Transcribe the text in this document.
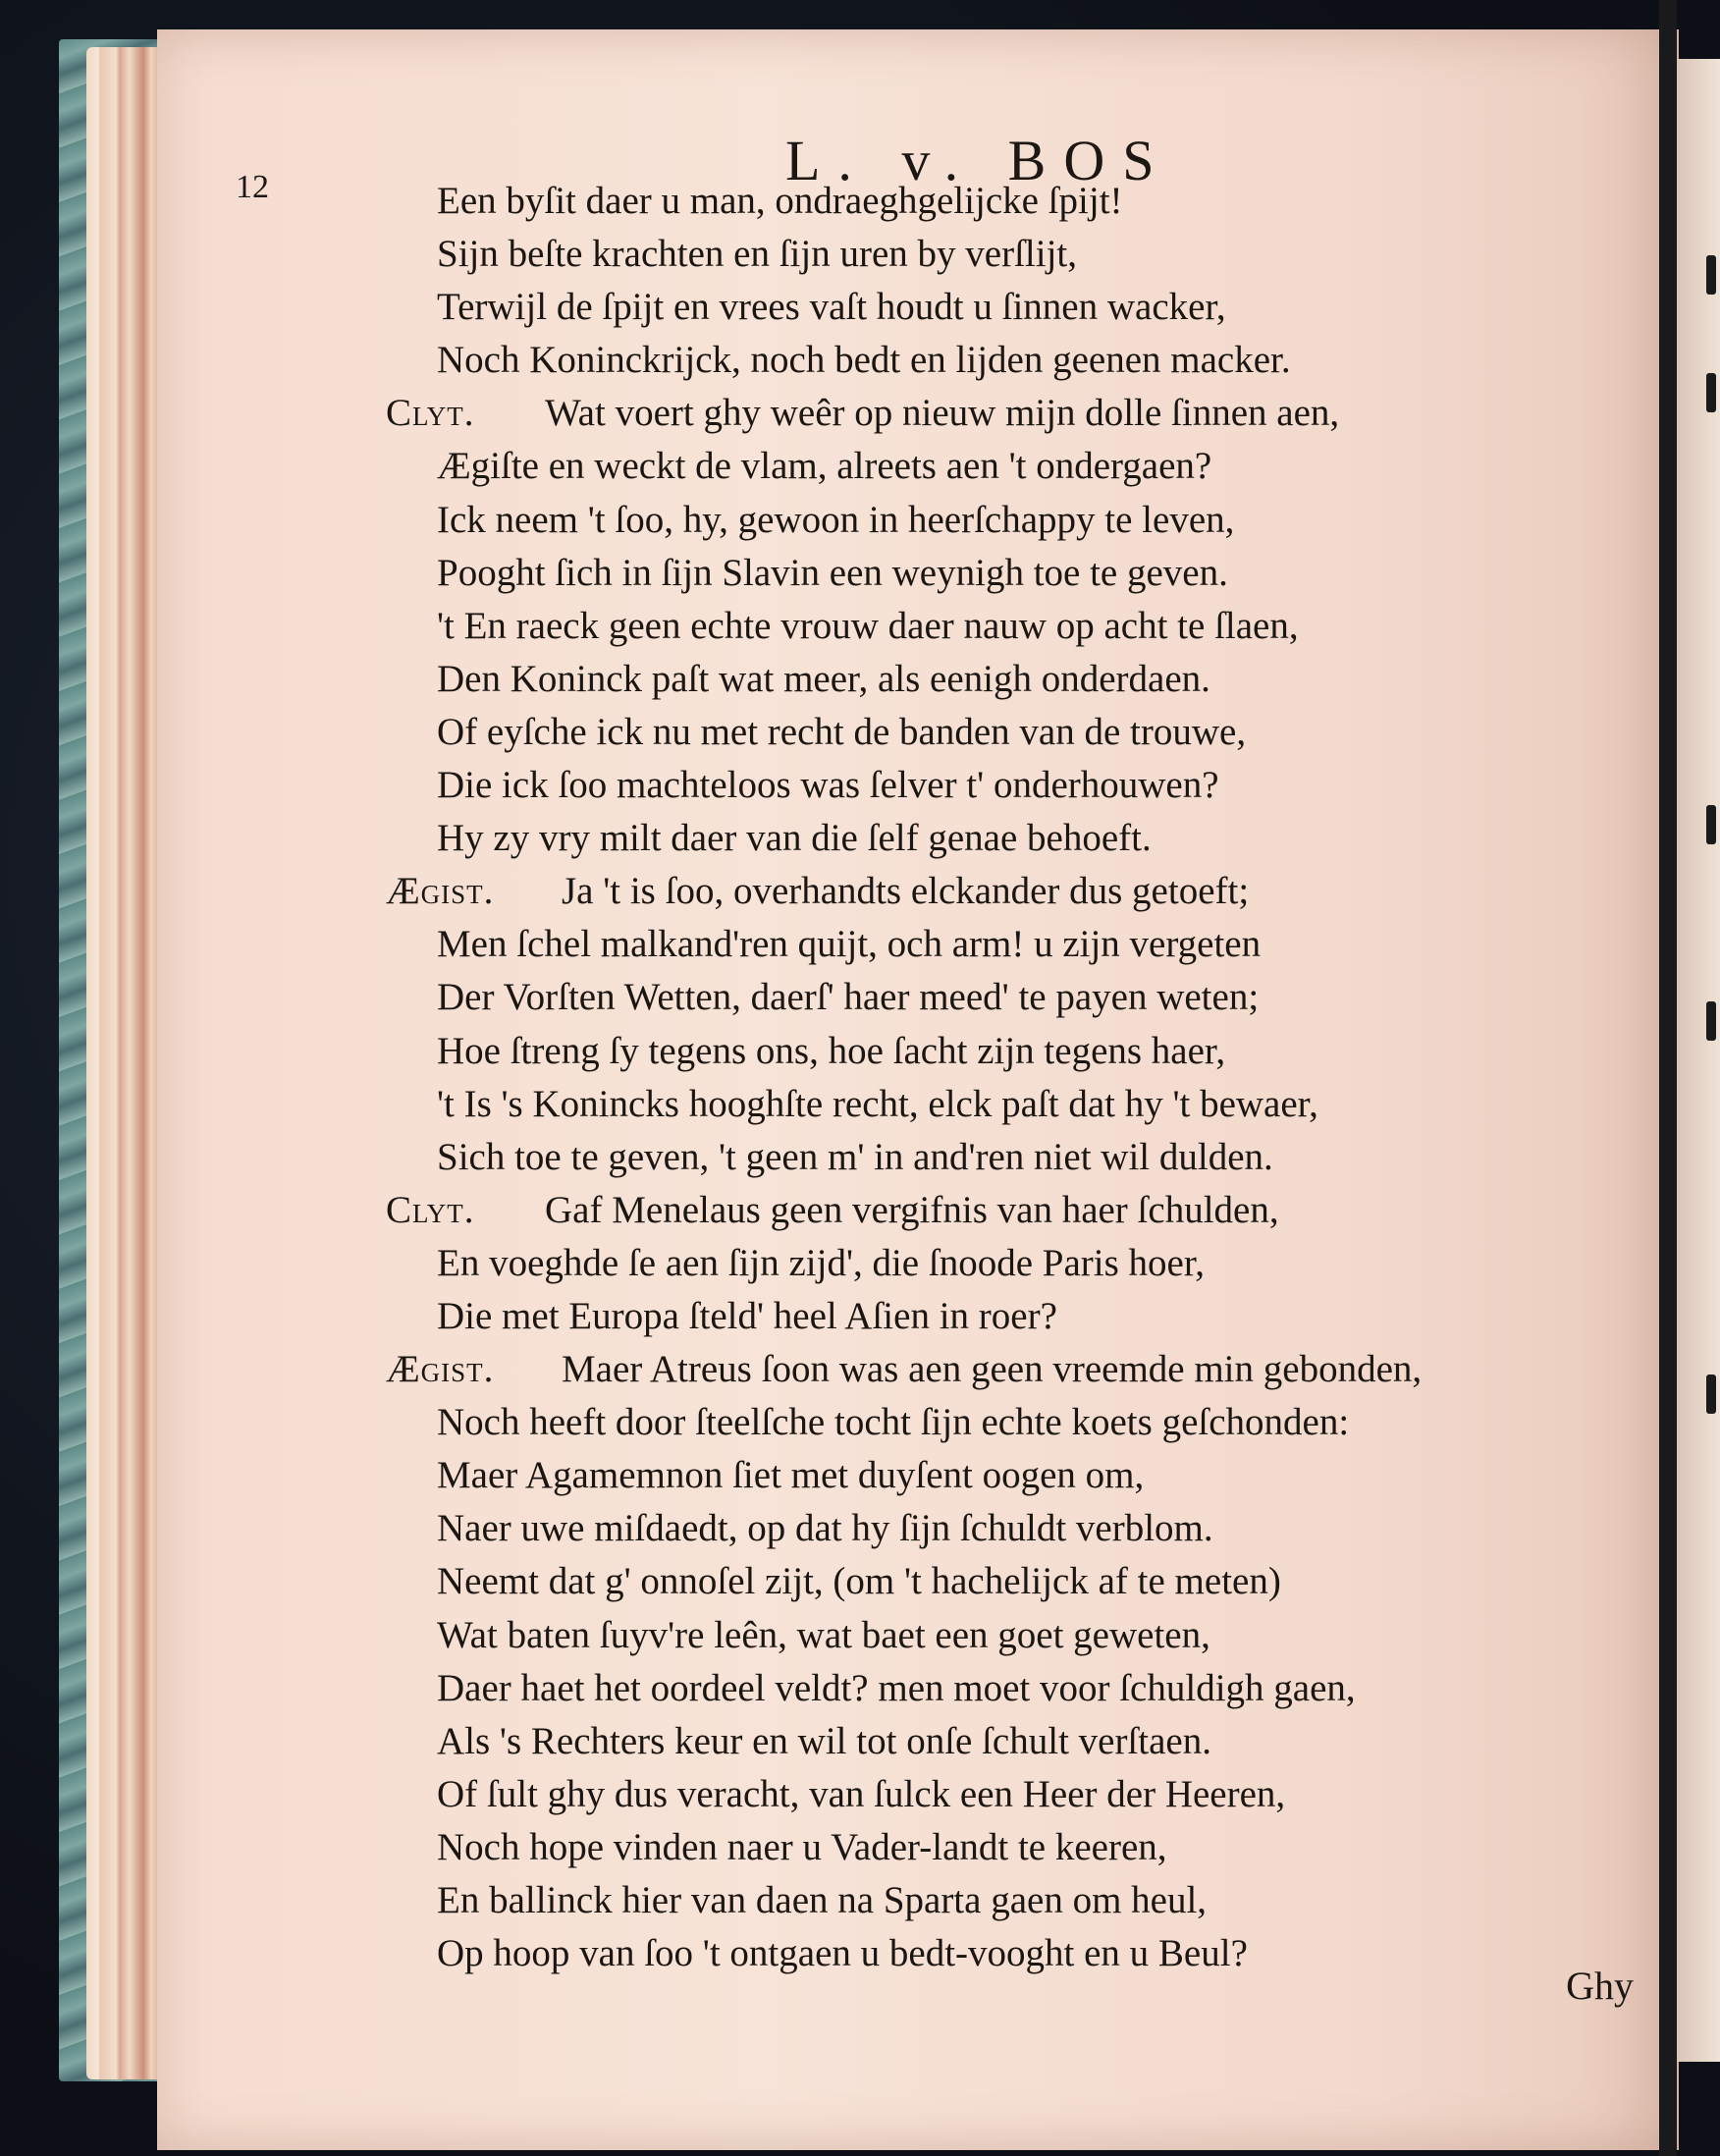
12	L. v. BOS
Een byſit daer u man, ondraeghgelijcke ſpijt!
Sijn beſte krachten en ſijn uren by verſlijt,
Terwijl de ſpijt en vrees vaſt houdt u ſinnen wacker,
Noch Koninckrijck, noch bedt en lijden geenen macker.
Clyt. Wat voert ghy weêr op nieuw mijn dolle ſinnen aen,
Ægiſte en weckt de vlam, alreets aen 't ondergaen?
Ick neem 't ſoo, hy, gewoon in heerſchappy te leven,
Pooght ſich in ſijn Slavin een weynigh toe te geven.
't En raeck geen echte vrouw daer nauw op acht te ſlaen,
Den Koninck paſt wat meer, als eenigh onderdaen.
Of eyſche ick nu met recht de banden van de trouwe,
Die ick ſoo machteloos was ſelver t' onderhouwen?
Hy zy vry milt daer van die ſelf genae behoeft.
Ægist. Ja 't is ſoo, overhandts elckander dus getoeft;
Men ſchel malkand'ren quijt, och arm! u zijn vergeten
Der Vorſten Wetten, daerſ' haer meed' te payen weten;
Hoe ſtreng ſy tegens ons, hoe ſacht zijn tegens haer,
't Is 's Konincks hooghſte recht, elck paſt dat hy 't bewaer,
Sich toe te geven, 't geen m' in and'ren niet wil dulden.
Clyt. Gaf Menelaus geen vergifnis van haer ſchulden,
En voeghde ſe aen ſijn zijd', die ſnoode Paris hoer,
Die met Europa ſteld' heel Aſien in roer?
Ægist. Maer Atreus ſoon was aen geen vreemde min gebonden,
Noch heeft door ſteelſche tocht ſijn echte koets geſchonden:
Maer Agamemnon ſiet met duyſent oogen om,
Naer uwe miſdaedt, op dat hy ſijn ſchuldt verblom.
Neemt dat g' onnoſel zijt, (om 't hachelijck af te meten)
Wat baten ſuyv're leên, wat baet een goet geweten,
Daer haet het oordeel veldt? men moet voor ſchuldigh gaen,
Als 's Rechters keur en wil tot onſe ſchult verſtaen.
Of ſult ghy dus veracht, van ſulck een Heer der Heeren,
Noch hope vinden naer u Vader-landt te keeren,
En ballinck hier van daen na Sparta gaen om heul,
Op hoop van ſoo 't ontgaen u bedt-vooght en u Beul?
Ghy
